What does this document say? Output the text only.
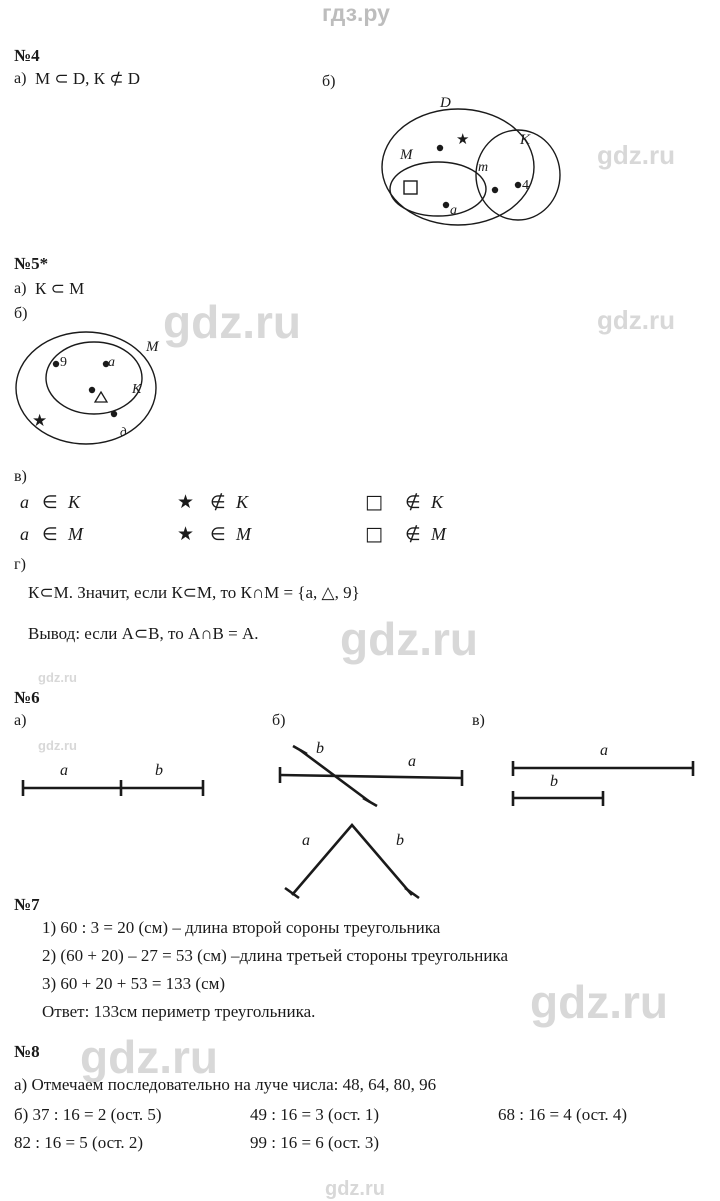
гдз.ру
gdz.ru
gdz.ru	gdz.ru
gdz.ru
gdz.ru
gdz.ru
gdz.ru
gdz.ru
gdz.ru
№4
а) М ⊂ D, К ⊄ D	б)
★
D
К
М
m
a
4
№5*
а) К ⊂ М
б)
★
9	a
М
К
д
в)
a ∈ К	★ ∉ К	□ ∉ К
a ∈ М	★ ∈ М	□ ∉ М
г)
К⊂М. Значит, если К⊂М, то К∩М = {a, △, 9}
Вывод: если А⊂В, то А∩В = А.
№6
а)	б)	в)
a	b
b
a
a	b
a
b
№7
1) 60 : 3 = 20 (см) – длина второй сороны треугольника
2) (60 + 20) – 27 = 53 (см) –длина третьей стороны треугольника
3) 60 + 20 + 53 = 133 (см)
Ответ: 133см периметр треугольника.
№8
а) Отмечаем последовательно на луче числа: 48, 64, 80, 96
б) 37 : 16 = 2 (ост. 5)	49 : 16 = 3 (ост. 1)	68 : 16 = 4 (ост. 4)
82 : 16 = 5 (ост. 2)	99 : 16 = 6 (ост. 3)
